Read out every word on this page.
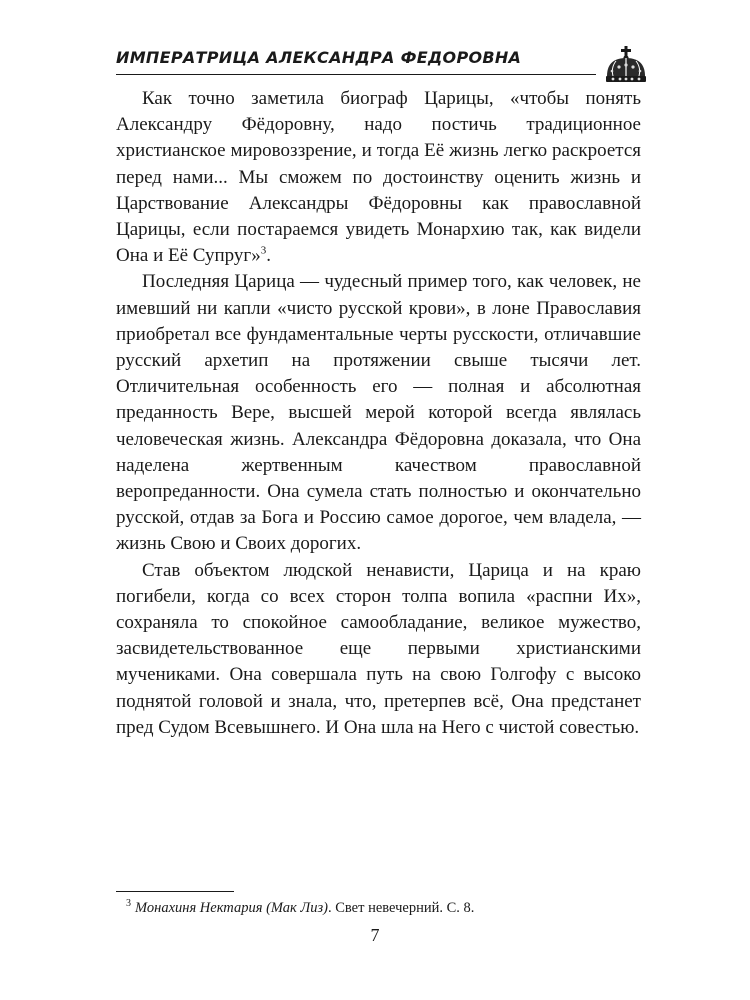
ИМПЕРАТРИЦА АЛЕКСАНДРА ФЕДОРОВНА

Как точно заметила биограф Царицы, «чтобы понять Александру Фёдоровну, надо постичь традиционное христианское мировоззрение, и тогда Её жизнь легко раскроется перед нами... Мы сможем по достоинству оценить жизнь и Царствование Александры Фёдоровны как православной Царицы, если постараемся увидеть Монархию так, как видели Она и Её Супруг»$^3$.

Последняя Царица — чудесный пример того, как человек, не имевший ни капли «чисто русской крови», в лоне Православия приобретал все фундаментальные черты русскости, отличавшие русский архетип на протяжении свыше тысячи лет. Отличительная особенность его — полная и абсолютная преданность Вере, высшей мерой которой всегда являлась человеческая жизнь. Александра Фёдоровна доказала, что Она наделена жертвенным качеством православной веропреданности. Она сумела стать полностью и окончательно русской, отдав за Бога и Россию самое дорогое, чем владела, — жизнь Свою и Своих дорогих.

Став объектом людской ненависти, Царица и на краю погибели, когда со всех сторон толпа вопила «распни Их», сохраняла то спокойное самообладание, великое мужество, засвидетельствованное еще первыми христианскими мучениками. Она совершала путь на свою Голгофу с высоко поднятой головой и знала, что, претерпев всё, Она предстанет пред Судом Всевышнего. И Она шла на Него с чистой совестью.

$^3$ Монахиня Нектария (Мак Лиз). Свет невечерний. С. 8.
7
